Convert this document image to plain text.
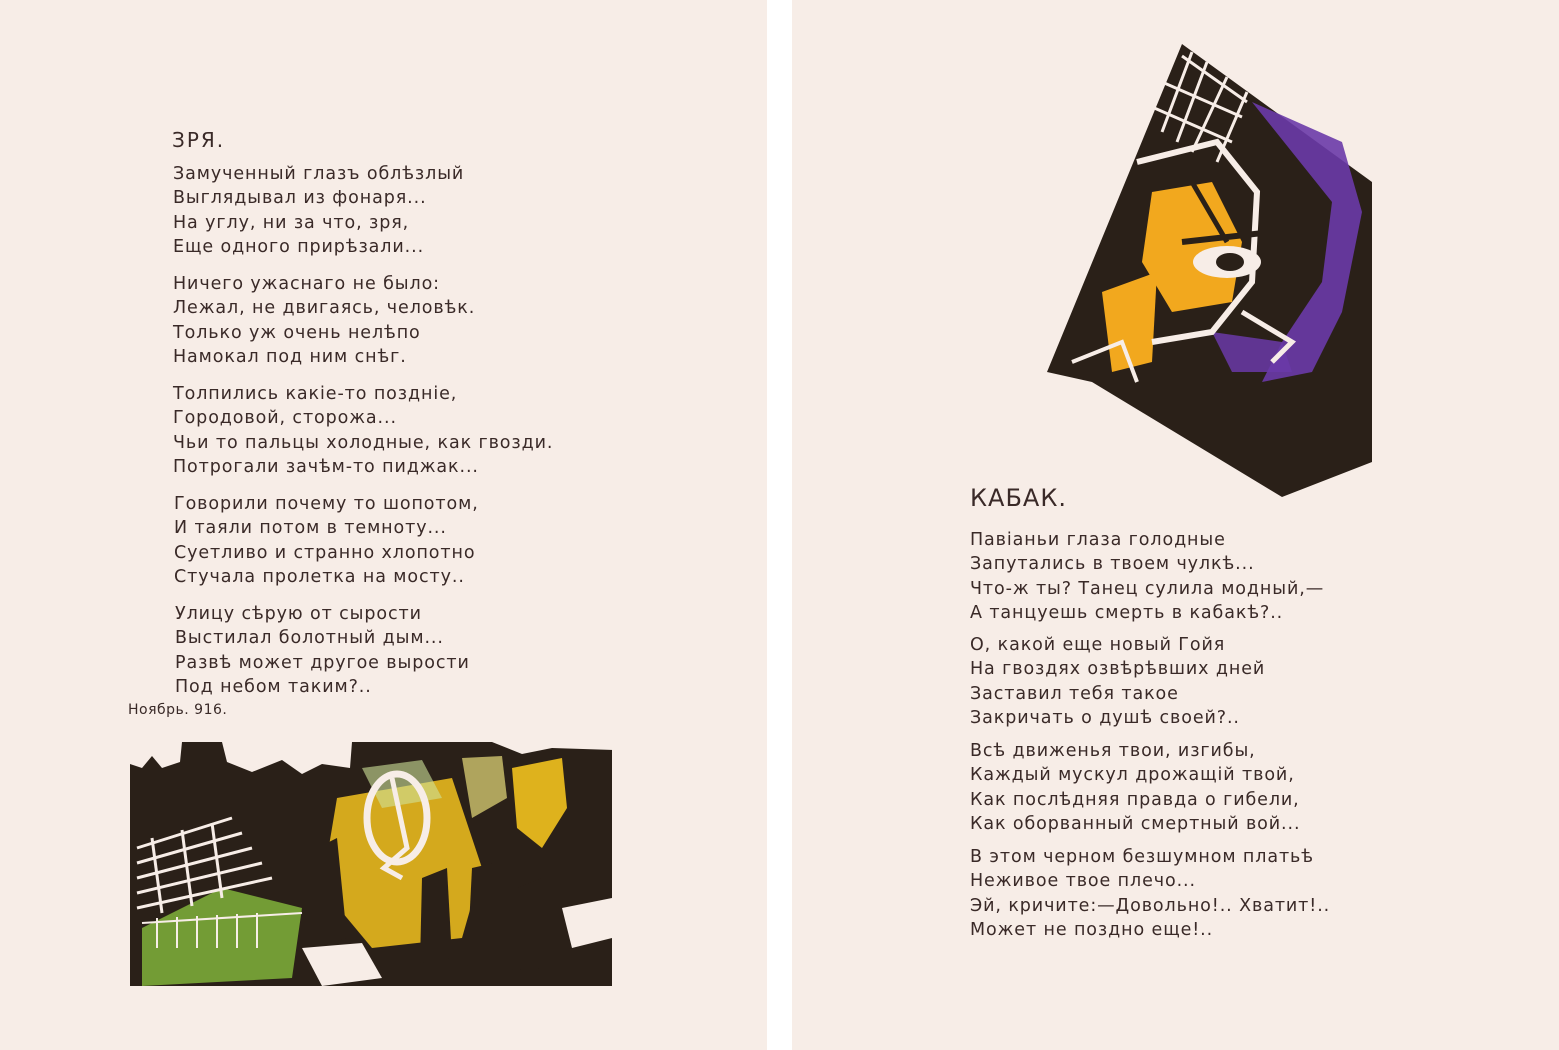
ЗРЯ.
Замученный глазъ облѣзлый
Выглядывал из фонаря...
На углу, ни за что, зря,
Еще одного прирѣзали...
Ничего ужаснаго не было:
Лежал, не двигаясь, человѣк.
Только уж очень нелѣпо
Намокал под ним снѣг.
Толпились какіе-то поздніе,
Городовой, сторожа...
Чьи то пальцы холодные, как гвозди.
Потрогали зачѣм-то пиджак...
Говорили почему то шопотом,
И таяли потом в темноту...
Суетливо и странно хлопотно
Стучала пролетка на мосту..
Улицу сѣрую от сырости
Выстилал болотный дым...
Развѣ может другое вырости
Под небом таким?..

Ноябрь. 916.

КАБАК.
Павіаньи глаза голодные
Запутались в твоем чулкѣ...
Что-ж ты? Танец сулила модный,—
А танцуешь смерть в кабакѣ?..
О, какой еще новый Гойя
На гвоздях озвѣрѣвших дней
Заставил тебя такое
Закричать о душѣ своей?..
Всѣ движенья твои, изгибы,
Каждый мускул дрожащій твой,
Как послѣдняя правда о гибели,
Как оборванный смертный вой...
В этом черном безшумном платьѣ
Неживое твое плечо...
Эй, кричите:—Довольно!.. Хватит!..
Может не поздно еще!..
